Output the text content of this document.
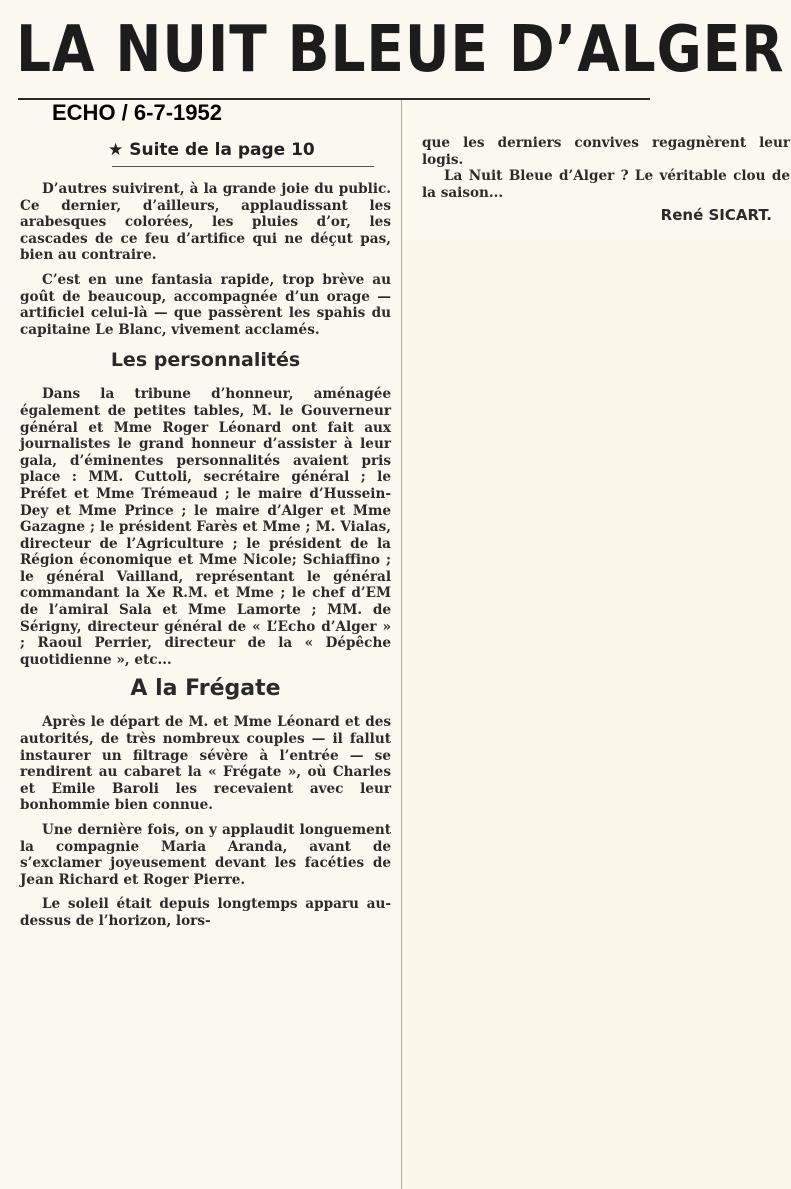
LA NUIT BLEUE D’ALGER
ECHO / 6-7-1952
★ Suite de la page 10

D’autres suivirent, à la grande joie du public. Ce dernier, d’ailleurs, applaudissant les arabesques colorées, les pluies d’or, les cascades de ce feu d’artifice qui ne déçut pas, bien au contraire.

C’est en une fantasia rapide, trop brève au goût de beaucoup, accompagnée d’un orage — artificiel celui-là — que passèrent les spahis du capitaine Le Blanc, vivement acclamés.

Les personnalités

Dans la tribune d’honneur, aménagée également de petites tables, M. le Gouverneur général et Mme Roger Léonard ont fait aux journalistes le grand honneur d’assister à leur gala, d’éminentes personnalités avaient pris place : MM. Cuttoli, secrétaire général ; le Préfet et Mme Trémeaud ; le maire d’Hussein-Dey et Mme Prince ; le maire d’Alger et Mme Gazagne ; le président Farès et Mme ; M. Vialas, directeur de l’Agriculture ; le président de la Région économique et Mme Nicole; Schiaffino ; le général Vailland, représentant le général commandant la Xe R.M. et Mme ; le chef d’EM de l’amiral Sala et Mme Lamorte ; MM. de Sérigny, directeur général de « L’Echo d’Alger » ; Raoul Perrier, directeur de la « Dépêche quotidienne », etc...

A la Frégate

Après le départ de M. et Mme Léonard et des autorités, de très nombreux couples — il fallut instaurer un filtrage sévère à l’entrée — se rendirent au cabaret la « Frégate », où Charles et Emile Baroli les recevaient avec leur bonhommie bien connue.

Une dernière fois, on y applaudit longuement la compagnie Maria Aranda, avant de s’exclamer joyeusement devant les facéties de Jean Richard et Roger Pierre.

Le soleil était depuis longtemps apparu au-dessus de l’horizon, lors-

que les derniers convives regagnèrent leur logis.

La Nuit Bleue d’Alger ? Le véritable clou de la saison...

René SICART.
